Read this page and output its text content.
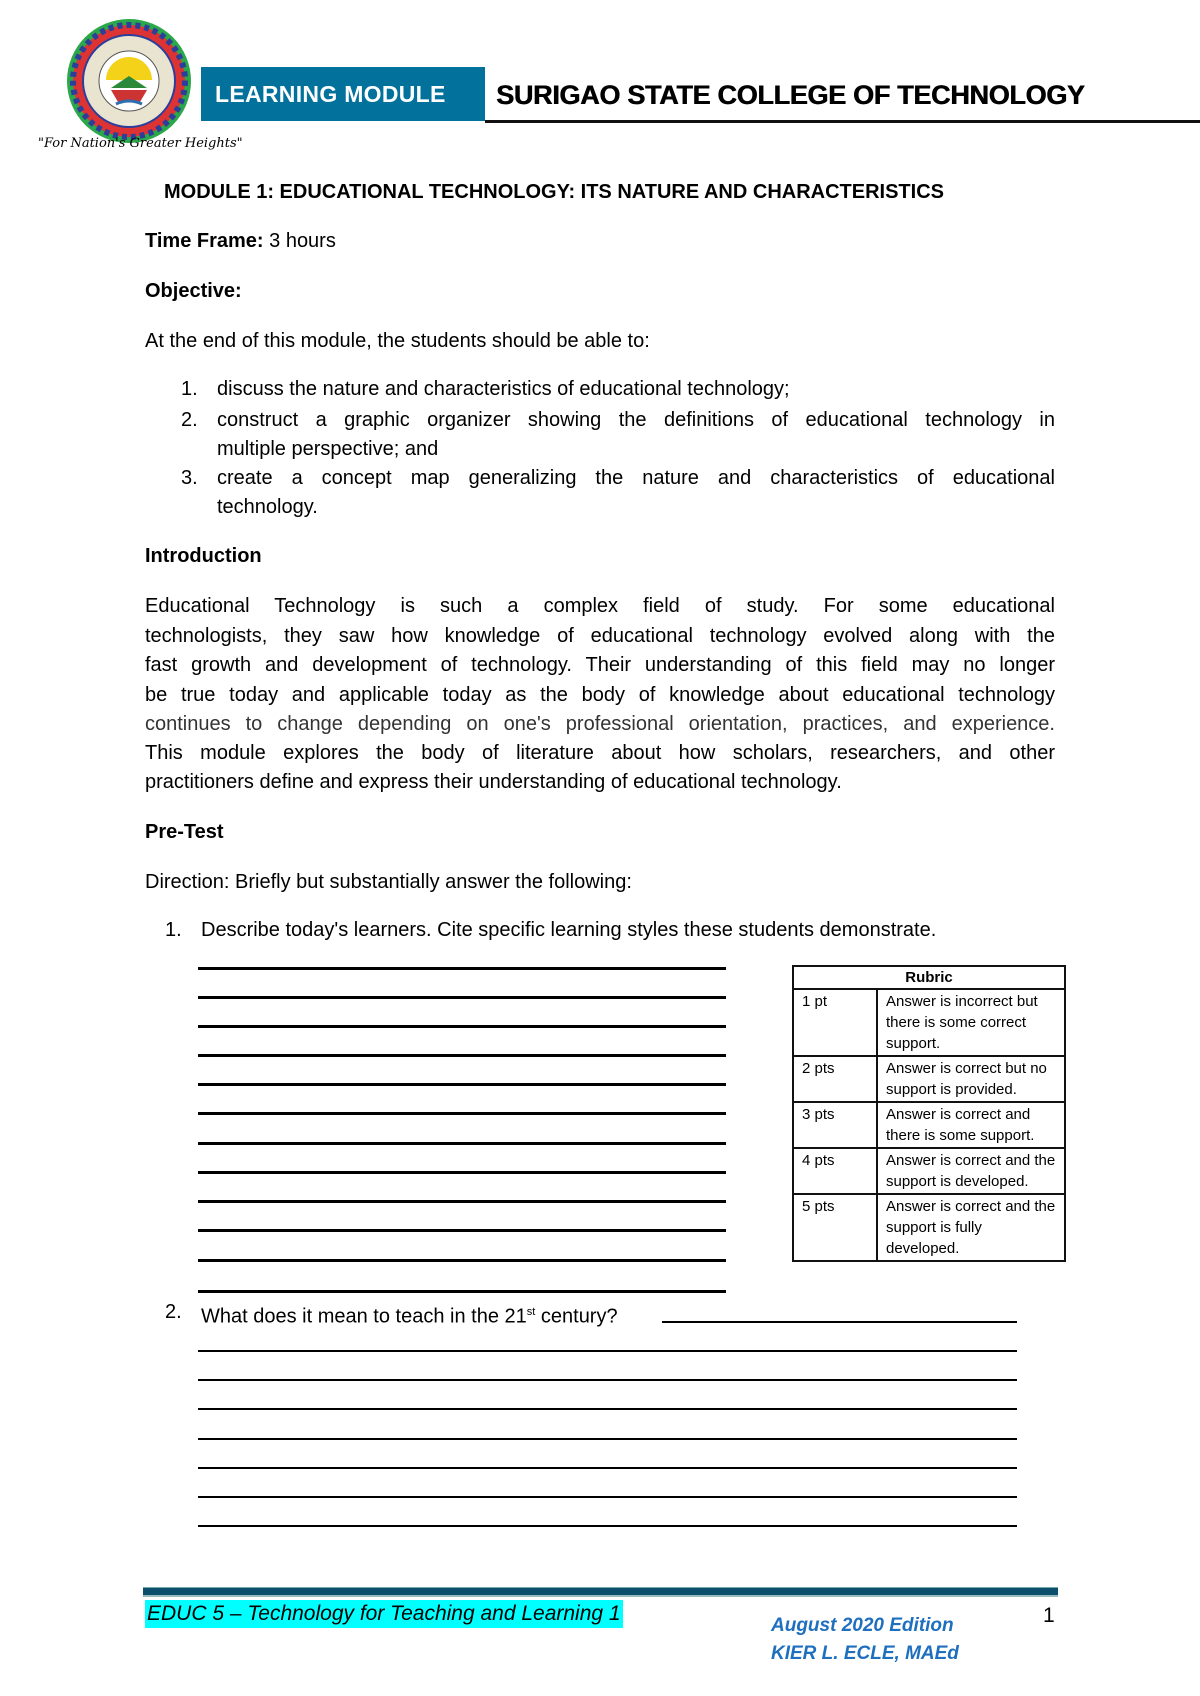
"For Nation's Greater Heights"
LEARNING MODULE	SURIGAO STATE COLLEGE OF TECHNOLOGY
MODULE 1: EDUCATIONAL TECHNOLOGY: ITS NATURE AND CHARACTERISTICS
Time Frame: 3 hours
Objective:
At the end of this module, the students should be able to:
1. discuss the nature and characteristics of educational technology;
2. construct a graphic organizer showing the definitions of educational technology in
multiple perspective; and
3. create a concept map generalizing the nature and characteristics of educational
technology.
Introduction
Educational Technology is such a complex field of study. For some educational
technologists, they saw how knowledge of educational technology evolved along with the
fast growth and development of technology. Their understanding of this field may no longer
be true today and applicable today as the body of knowledge about educational technology
continues to change depending on one's professional orientation, practices, and experience.
This module explores the body of literature about how scholars, researchers, and other
practitioners define and express their understanding of educational technology.
Pre-Test
Direction: Briefly but substantially answer the following:
1. Describe today's learners. Cite specific learning styles these students demonstrate.
Rubric	
1 pt	Answer is incorrect but there is some correct support.
2 pts	Answer is correct but no support is provided.
3 pts	Answer is correct and there is some support.
4 pts	Answer is correct and the support is developed.
5 pts	Answer is correct and the support is fully developed.
2. What does it mean to teach in the 21st century?
EDUC 5 – Technology for Teaching and Learning 1
August 2020 Edition
KIER L. ECLE, MAEd
1
